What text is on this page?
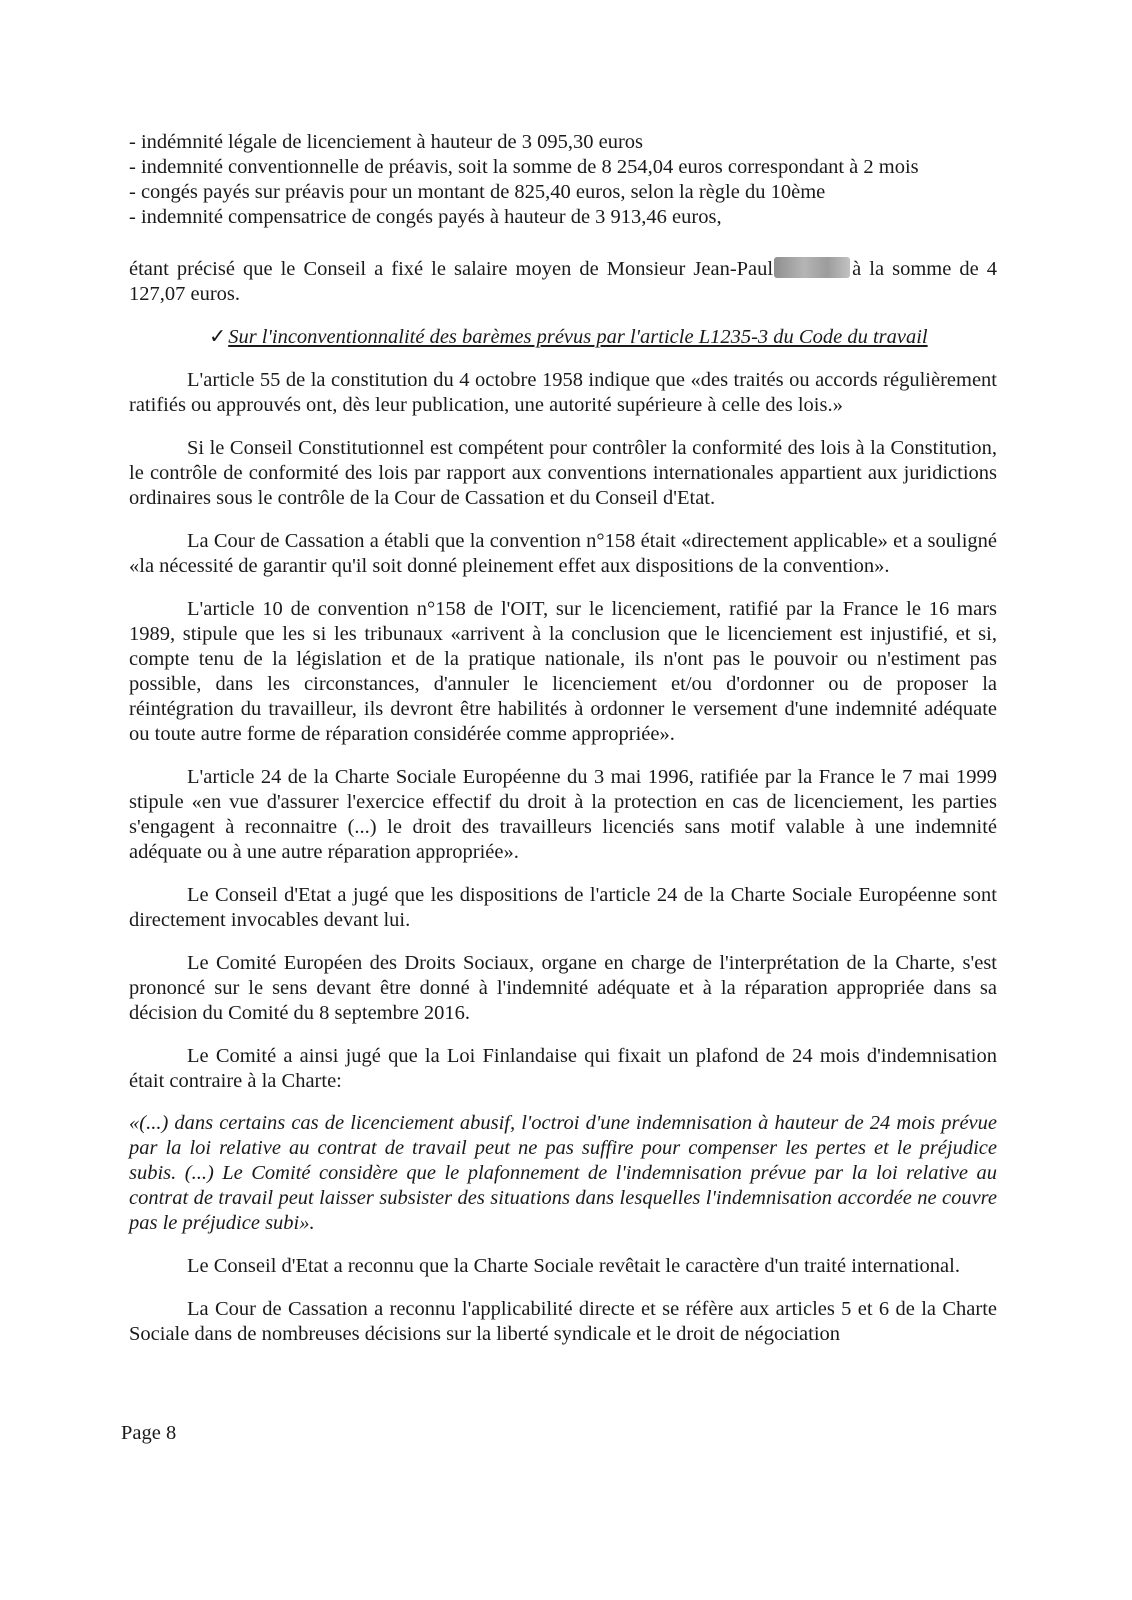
- indémnité légale de licenciement à hauteur de 3 095,30 euros
- indemnité conventionnelle de préavis, soit la somme de 8 254,04 euros correspondant à 2 mois
- congés payés sur préavis pour un montant de 825,40 euros, selon la règle du 10ème
- indemnité compensatrice de congés payés à hauteur de 3 913,46 euros,

étant précisé que le Conseil a fixé le salaire moyen de Monsieur Jean-Paul	à la somme de 4 127,07 euros.

✓Sur l'inconventionnalité des barèmes prévus par l'article L1235-3 du Code du travail

L'article 55 de la constitution du 4 octobre 1958 indique que «des traités ou accords régulièrement ratifiés ou approuvés ont, dès leur publication, une autorité supérieure à celle des lois.»

Si le Conseil Constitutionnel est compétent pour contrôler la conformité des lois à la Constitution, le contrôle de conformité des lois par rapport aux conventions internationales appartient aux juridictions ordinaires sous le contrôle de la Cour de Cassation et du Conseil d'Etat.

La Cour de Cassation a établi que la convention n°158 était «directement applicable» et a souligné «la nécessité de garantir qu'il soit donné pleinement effet aux dispositions de la convention».

L'article 10 de convention n°158 de l'OIT, sur le licenciement, ratifié par la France le 16 mars 1989, stipule que les si les tribunaux «arrivent à la conclusion que le licenciement est injustifié, et si, compte tenu de la législation et de la pratique nationale, ils n'ont pas le pouvoir ou n'estiment pas possible, dans les circonstances, d'annuler le licenciement et/ou d'ordonner ou de proposer la réintégration du travailleur, ils devront être habilités à ordonner le versement d'une indemnité adéquate ou toute autre forme de réparation considérée comme appropriée».

L'article 24 de la Charte Sociale Européenne du 3 mai 1996, ratifiée par la France le 7 mai 1999 stipule «en vue d'assurer l'exercice effectif du droit à la protection en cas de licenciement, les parties s'engagent à reconnaitre (...) le droit des travailleurs licenciés sans motif valable à une indemnité adéquate ou à une autre réparation appropriée».

Le Conseil d'Etat a jugé que les dispositions de l'article 24 de la Charte Sociale Européenne sont directement invocables devant lui.

Le Comité Européen des Droits Sociaux, organe en charge de l'interprétation de la Charte, s'est prononcé sur le sens devant être donné à l'indemnité adéquate et à la réparation appropriée dans sa décision du Comité du 8 septembre 2016.

Le Comité a ainsi jugé que la Loi Finlandaise qui fixait un plafond de 24 mois d'indemnisation était contraire à la Charte:

«(...) dans certains cas de licenciement abusif, l'octroi d'une indemnisation à hauteur de 24 mois prévue par la loi relative au contrat de travail peut ne pas suffire pour compenser les pertes et le préjudice subis. (...) Le Comité considère que le plafonnement de l'indemnisation prévue par la loi relative au contrat de travail peut laisser subsister des situations dans lesquelles l'indemnisation accordée ne couvre pas le préjudice subi».

Le Conseil d'Etat a reconnu que la Charte Sociale revêtait le caractère d'un traité international.

La Cour de Cassation a reconnu l'applicabilité directe et se réfère aux articles 5 et 6 de la Charte Sociale dans de nombreuses décisions sur la liberté syndicale et le droit de négociation

Page 8
